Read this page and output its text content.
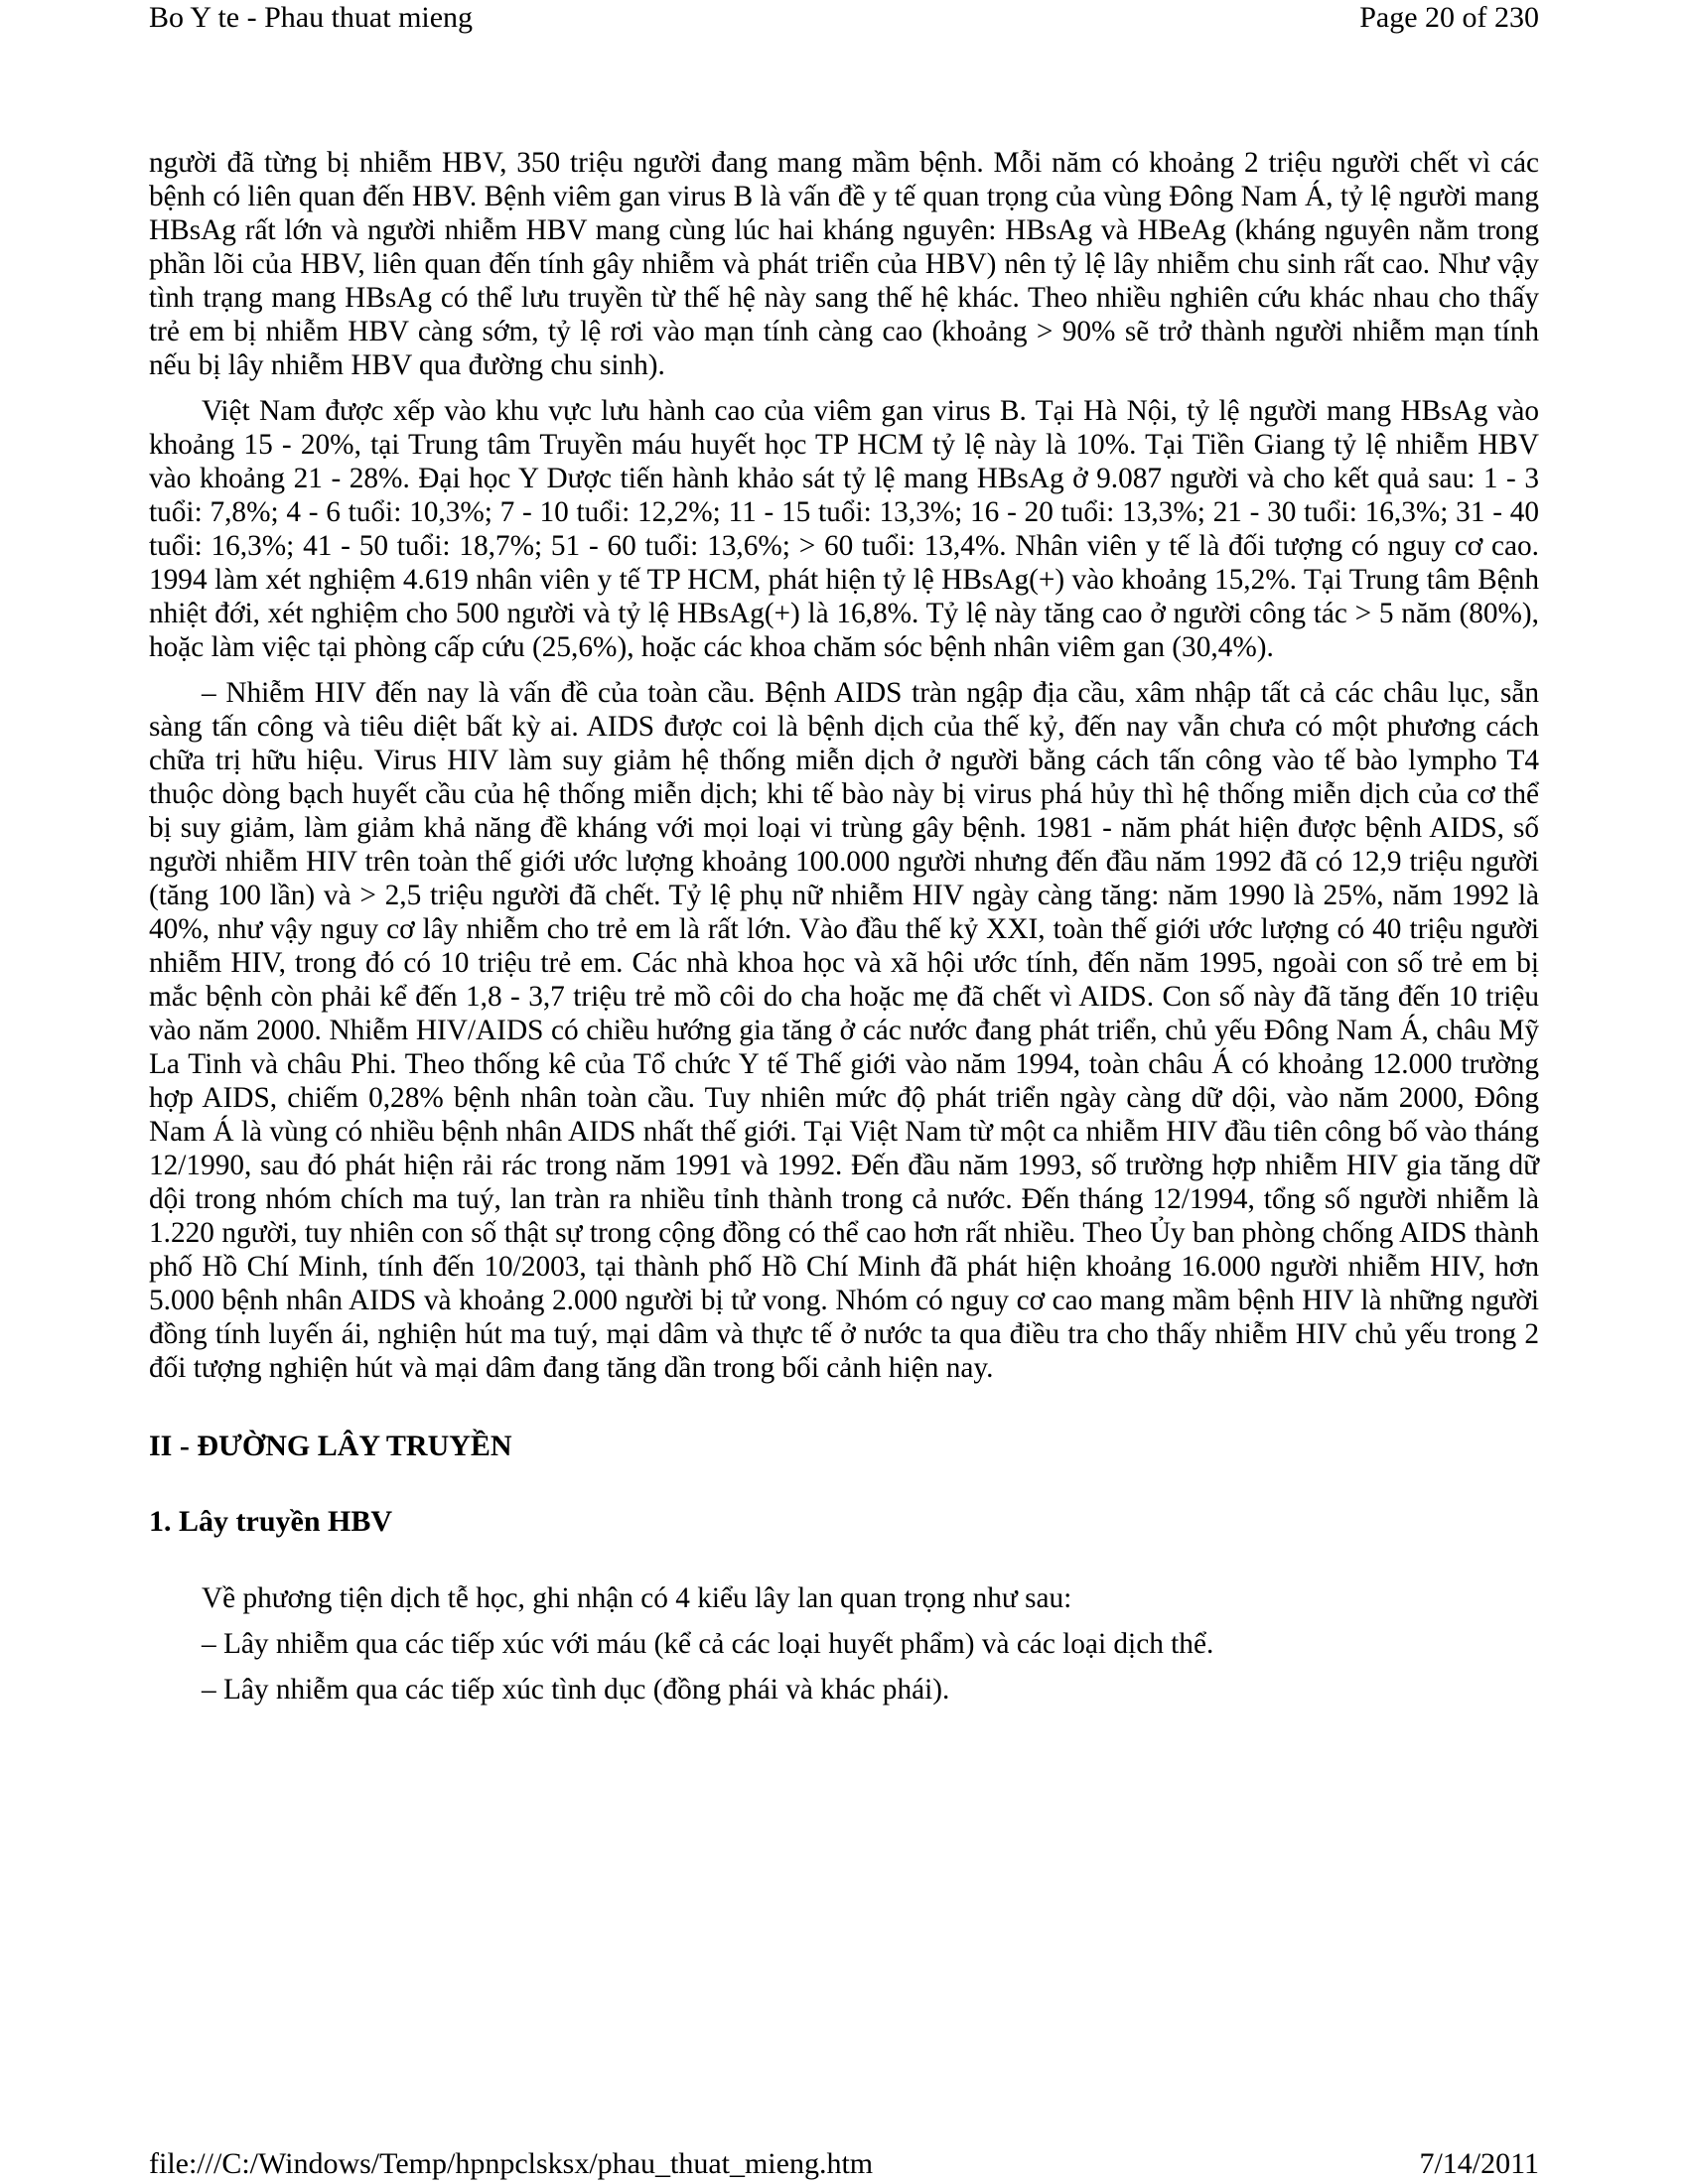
Bo Y te - Phau thuat mieng	Page 20 of 230

người đã từng bị nhiễm HBV, 350 triệu người đang mang mầm bệnh. Mỗi năm có khoảng 2 triệu người chết vì các bệnh có liên quan đến HBV. Bệnh viêm gan virus B là vấn đề y tế quan trọng của vùng Đông Nam Á, tỷ lệ người mang HBsAg rất lớn và người nhiễm HBV mang cùng lúc hai kháng nguyên: HBsAg và HBeAg (kháng nguyên nằm trong phần lõi của HBV, liên quan đến tính gây nhiễm và phát triển của HBV) nên tỷ lệ lây nhiễm chu sinh rất cao. Như vậy tình trạng mang HBsAg có thể lưu truyền từ thế hệ này sang thế hệ khác. Theo nhiều nghiên cứu khác nhau cho thấy trẻ em bị nhiễm HBV càng sớm, tỷ lệ rơi vào mạn tính càng cao (khoảng > 90% sẽ trở thành người nhiễm mạn tính nếu bị lây nhiễm HBV qua đường chu sinh).

Việt Nam được xếp vào khu vực lưu hành cao của viêm gan virus B. Tại Hà Nội, tỷ lệ người mang HBsAg vào khoảng 15 - 20%, tại Trung tâm Truyền máu huyết học TP HCM tỷ lệ này là 10%. Tại Tiền Giang tỷ lệ nhiễm HBV vào khoảng 21 - 28%. Đại học Y Dược tiến hành khảo sát tỷ lệ mang HBsAg ở 9.087 người và cho kết quả sau: 1 - 3 tuổi: 7,8%; 4 - 6 tuổi: 10,3%; 7 - 10 tuổi: 12,2%; 11 - 15 tuổi: 13,3%; 16 - 20 tuổi: 13,3%; 21 - 30 tuổi: 16,3%; 31 - 40 tuổi: 16,3%; 41 - 50 tuổi: 18,7%; 51 - 60 tuổi: 13,6%; > 60 tuổi: 13,4%. Nhân viên y tế là đối tượng có nguy cơ cao. 1994 làm xét nghiệm 4.619 nhân viên y tế TP HCM, phát hiện tỷ lệ HBsAg(+) vào khoảng 15,2%. Tại Trung tâm Bệnh nhiệt đới, xét nghiệm cho 500 người và tỷ lệ HBsAg(+) là 16,8%. Tỷ lệ này tăng cao ở người công tác > 5 năm (80%), hoặc làm việc tại phòng cấp cứu (25,6%), hoặc các khoa chăm sóc bệnh nhân viêm gan (30,4%).

– Nhiễm HIV đến nay là vấn đề của toàn cầu. Bệnh AIDS tràn ngập địa cầu, xâm nhập tất cả các châu lục, sẵn sàng tấn công và tiêu diệt bất kỳ ai. AIDS được coi là bệnh dịch của thế kỷ, đến nay vẫn chưa có một phương cách chữa trị hữu hiệu. Virus HIV làm suy giảm hệ thống miễn dịch ở người bằng cách tấn công vào tế bào lympho T4 thuộc dòng bạch huyết cầu của hệ thống miễn dịch; khi tế bào này bị virus phá hủy thì hệ thống miễn dịch của cơ thể bị suy giảm, làm giảm khả năng đề kháng với mọi loại vi trùng gây bệnh. 1981 - năm phát hiện được bệnh AIDS, số người nhiễm HIV trên toàn thế giới ước lượng khoảng 100.000 người nhưng đến đầu năm 1992 đã có 12,9 triệu người (tăng 100 lần) và > 2,5 triệu người đã chết. Tỷ lệ phụ nữ nhiễm HIV ngày càng tăng: năm 1990 là 25%, năm 1992 là 40%, như vậy nguy cơ lây nhiễm cho trẻ em là rất lớn. Vào đầu thế kỷ XXI, toàn thế giới ước lượng có 40 triệu người nhiễm HIV, trong đó có 10 triệu trẻ em. Các nhà khoa học và xã hội ước tính, đến năm 1995, ngoài con số trẻ em bị mắc bệnh còn phải kể đến 1,8 - 3,7 triệu trẻ mồ côi do cha hoặc mẹ đã chết vì AIDS. Con số này đã tăng đến 10 triệu vào năm 2000. Nhiễm HIV/AIDS có chiều hướng gia tăng ở các nước đang phát triển, chủ yếu Đông Nam Á, châu Mỹ La Tinh và châu Phi. Theo thống kê của Tổ chức Y tế Thế giới vào năm 1994, toàn châu Á có khoảng 12.000 trường hợp AIDS, chiếm 0,28% bệnh nhân toàn cầu. Tuy nhiên mức độ phát triển ngày càng dữ dội, vào năm 2000, Đông Nam Á là vùng có nhiều bệnh nhân AIDS nhất thế giới. Tại Việt Nam từ một ca nhiễm HIV đầu tiên công bố vào tháng 12/1990, sau đó phát hiện rải rác trong năm 1991 và 1992. Đến đầu năm 1993, số trường hợp nhiễm HIV gia tăng dữ dội trong nhóm chích ma tuý, lan tràn ra nhiều tỉnh thành trong cả nước. Đến tháng 12/1994, tổng số người nhiễm là 1.220 người, tuy nhiên con số thật sự trong cộng đồng có thể cao hơn rất nhiều. Theo Ủy ban phòng chống AIDS thành phố Hồ Chí Minh, tính đến 10/2003, tại thành phố Hồ Chí Minh đã phát hiện khoảng 16.000 người nhiễm HIV, hơn 5.000 bệnh nhân AIDS và khoảng 2.000 người bị tử vong. Nhóm có nguy cơ cao mang mầm bệnh HIV là những người đồng tính luyến ái, nghiện hút ma tuý, mại dâm và thực tế ở nước ta qua điều tra cho thấy nhiễm HIV chủ yếu trong 2 đối tượng nghiện hút và mại dâm đang tăng dần trong bối cảnh hiện nay.

II - ĐƯỜNG LÂY TRUYỀN
1. Lây truyền HBV

Về phương tiện dịch tễ học, ghi nhận có 4 kiểu lây lan quan trọng như sau:

– Lây nhiễm qua các tiếp xúc với máu (kể cả các loại huyết phẩm) và các loại dịch thể.

– Lây nhiễm qua các tiếp xúc tình dục (đồng phái và khác phái).

file:///C:/Windows/Temp/hpnpclsksx/phau_thuat_mieng.htm	7/14/2011
